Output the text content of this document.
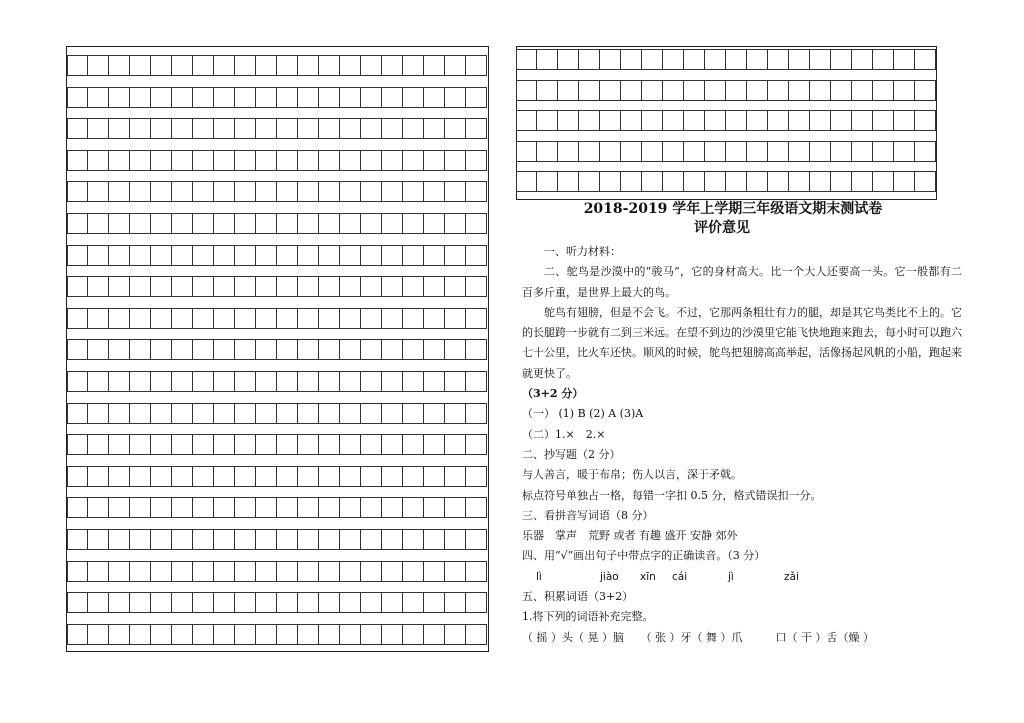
2018-2019 学年上学期三年级语文期末测试卷
评价意见
一、听力材料：
二、鸵鸟是沙漠中的“骏马”，它的身材高大。比一个大人还要高一头。它一般都有二百多斤重，是世界上最大的鸟。
鸵鸟有翅膀，但是不会飞。不过，它那两条粗壮有力的腿，却是其它鸟类比不上的。它的长腿跨一步就有二到三米远。在望不到边的沙漠里它能飞快地跑来跑去，每小时可以跑六七十公里，比火车还快。顺风的时候，鸵鸟把翅膀高高举起，活像扬起风帆的小船，跑起来就更快了。
（3+2 分）
（一） (1) B (2) A (3)A
（二）1.×　2.×
二、抄写题（2 分）
与人善言，暖于布帛；伤人以言，深于矛戟。
标点符号单独占一格，每错一字扣 0.5 分，格式错误扣一分。
三、看拼音写词语（8 分）
乐器　掌声　荒野 或者 有趣 盛开 安静 郊外
四、用“√”画出句子中带点字的正确读音。（3 分）
lì	jiào	xīn	cái	jì	zǎi
五、积累词语（3+2）
1.将下列的词语补充完整。
（ 摇 ）头（ 晃 ）脑　　（ 张 ）牙（ 舞 ）爪　　　口（ 干 ）舌（燥 ）
